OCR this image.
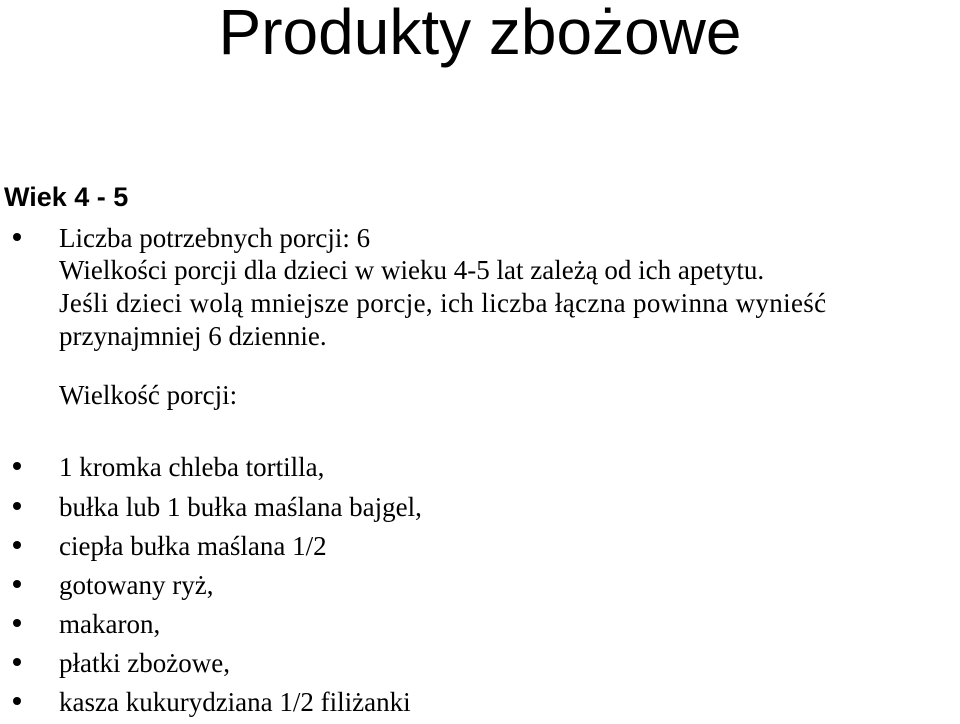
Produkty zbożowe
Wiek 4 - 5
Liczba potrzebnych porcji: 6
Wielkości porcji dla dzieci w wieku 4-5 lat zależą od ich apetytu.
Jeśli dzieci wolą mniejsze porcje, ich liczba łączna powinna wynieść
przynajmniej 6 dziennie.
Wielkość porcji:
1 kromka chleba tortilla,
bułka lub 1 bułka maślana bajgel,
ciepła bułka maślana 1/2
gotowany ryż,
makaron,
płatki zbożowe,
kasza kukurydziana 1/2 filiżanki
